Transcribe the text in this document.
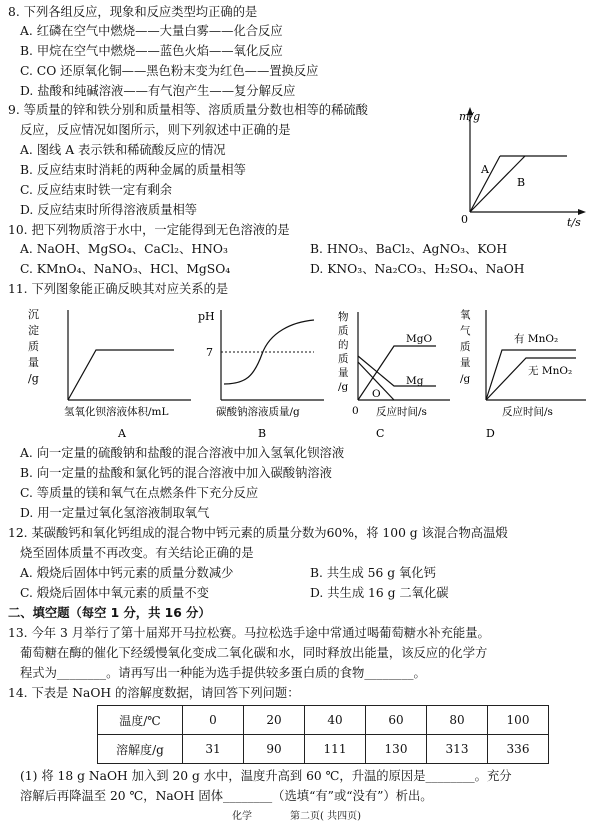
8. 下列各组反应，现象和反应类型均正确的是
A. 红磷在空气中燃烧——大量白雾——化合反应
B. 甲烷在空气中燃烧——蓝色火焰——氧化反应
C. CO 还原氧化铜——黑色粉末变为红色——置换反应
D. 盐酸和纯碱溶液——有气泡产生——复分解反应
9. 等质量的锌和铁分别和质量相等、溶质质量分数也相等的稀硫酸
反应，反应情况如图所示，则下列叙述中正确的是
A. 图线 A 表示铁和稀硫酸反应的情况
B. 反应结束时消耗的两种金属的质量相等
C. 反应结束时铁一定有剩余
D. 反应结束时所得溶液质量相等
m/g
t/s
0
A
B
10. 把下列物质溶于水中，一定能得到无色溶液的是
A. NaOH、MgSO₄、CaCl₂、HNO₃	B. HNO₃、BaCl₂、AgNO₃、KOH
C. KMnO₄、NaNO₃、HCl、MgSO₄	D. KNO₃、Na₂CO₃、H₂SO₄、NaOH
11. 下列图象能正确反映其对应关系的是
沉
淀
质
量
/g
氢氧化钡溶液体积/mL
A
pH
7
碳酸钠溶液质量/g
B
物
质
的
质
量
/g
MgO
Mg
O
0 反应时间/s
C
氧
气
质
量
/g
有 MnO₂
无 MnO₂
反应时间/s
D
A. 向一定量的硫酸钠和盐酸的混合溶液中加入氢氧化钡溶液
B. 向一定量的盐酸和氯化钙的混合溶液中加入碳酸钠溶液
C. 等质量的镁和氧气在点燃条件下充分反应
D. 用一定量过氧化氢溶液制取氧气
12. 某碳酸钙和氧化钙组成的混合物中钙元素的质量分数为60%，将 100 g 该混合物高温煅
烧至固体质量不再改变。有关结论正确的是
A. 煅烧后固体中钙元素的质量分数减少	B. 共生成 56 g 氧化钙
C. 煅烧后固体中氧元素的质量不变	D. 共生成 16 g 二氧化碳
二、填空题（每空 1 分，共 16 分）
13. 今年 3 月举行了第十届郑开马拉松赛。马拉松选手途中常通过喝葡萄糖水补充能量。
葡萄糖在酶的催化下经缓慢氧化变成二氧化碳和水，同时释放出能量，该反应的化学方
程式为________。请再写出一种能为选手提供较多蛋白质的食物________。
14. 下表是 NaOH 的溶解度数据，请回答下列问题：
温度/℃	0	20	40	60	80	100
溶解度/g	31	90	111	130	313	336
(1) 将 18 g NaOH 加入到 20 g 水中，温度升高到 60 ℃，升温的原因是________。充分
溶解后再降温至 20 ℃，NaOH 固体________（选填“有”或“没有”）析出。
化学	第二页( 共四页)
